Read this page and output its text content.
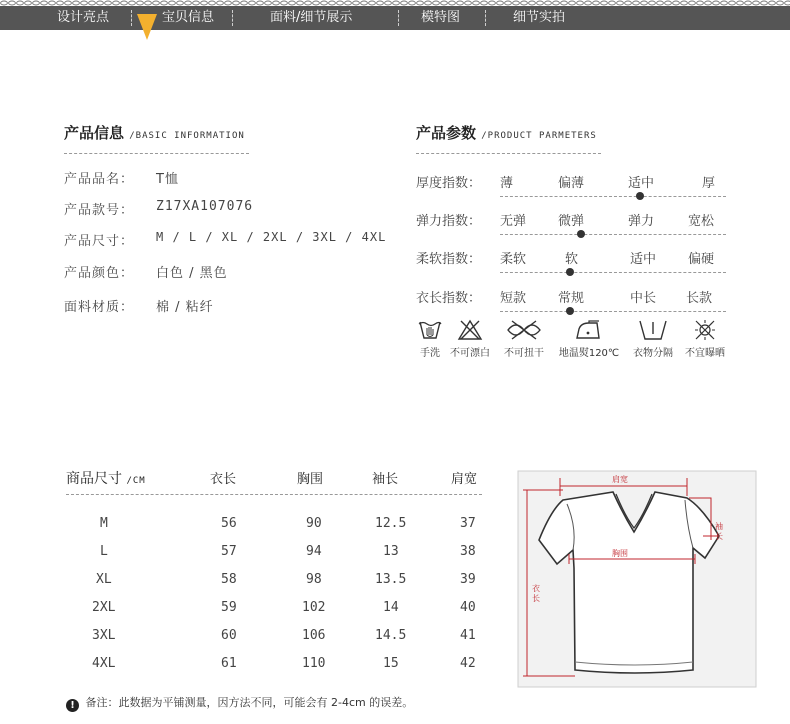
设计亮点	宝贝信息	面料/细节展示	模特图	细节实拍
产品信息 /BASIC INFORMATION
产品品名： T恤
产品款号： Z17XA107076
产品尺寸： M / L / XL / 2XL / 3XL / 4XL
产品颜色： 白色 / 黑色
面料材质： 棉 / 粘纤
产品参数 /PRODUCT PARMETERS
厚度指数： 薄	偏薄	适中	厚
弹力指数： 无弹 微弹	弹力	宽松
柔软指数： 柔软	软	适中 偏硬
衣长指数： 短款 常规	中长 长款
手洗	不可漂白	不可扭干	地温熨120℃	衣物分隔	不宜曝晒
商品尺寸 /CM	衣长	胸围	袖长	肩宽
M	56	90	12.5	37
L	57	94	13	38
XL	58	98	13.5	39
2XL	59	102	14	40
3XL	60	106	14.5	41
4XL	61	110	15	42
肩宽
袖长
胸围
衣长
! 备注：此数据为平铺测量，因方法不同，可能会有 2-4cm 的误差。
